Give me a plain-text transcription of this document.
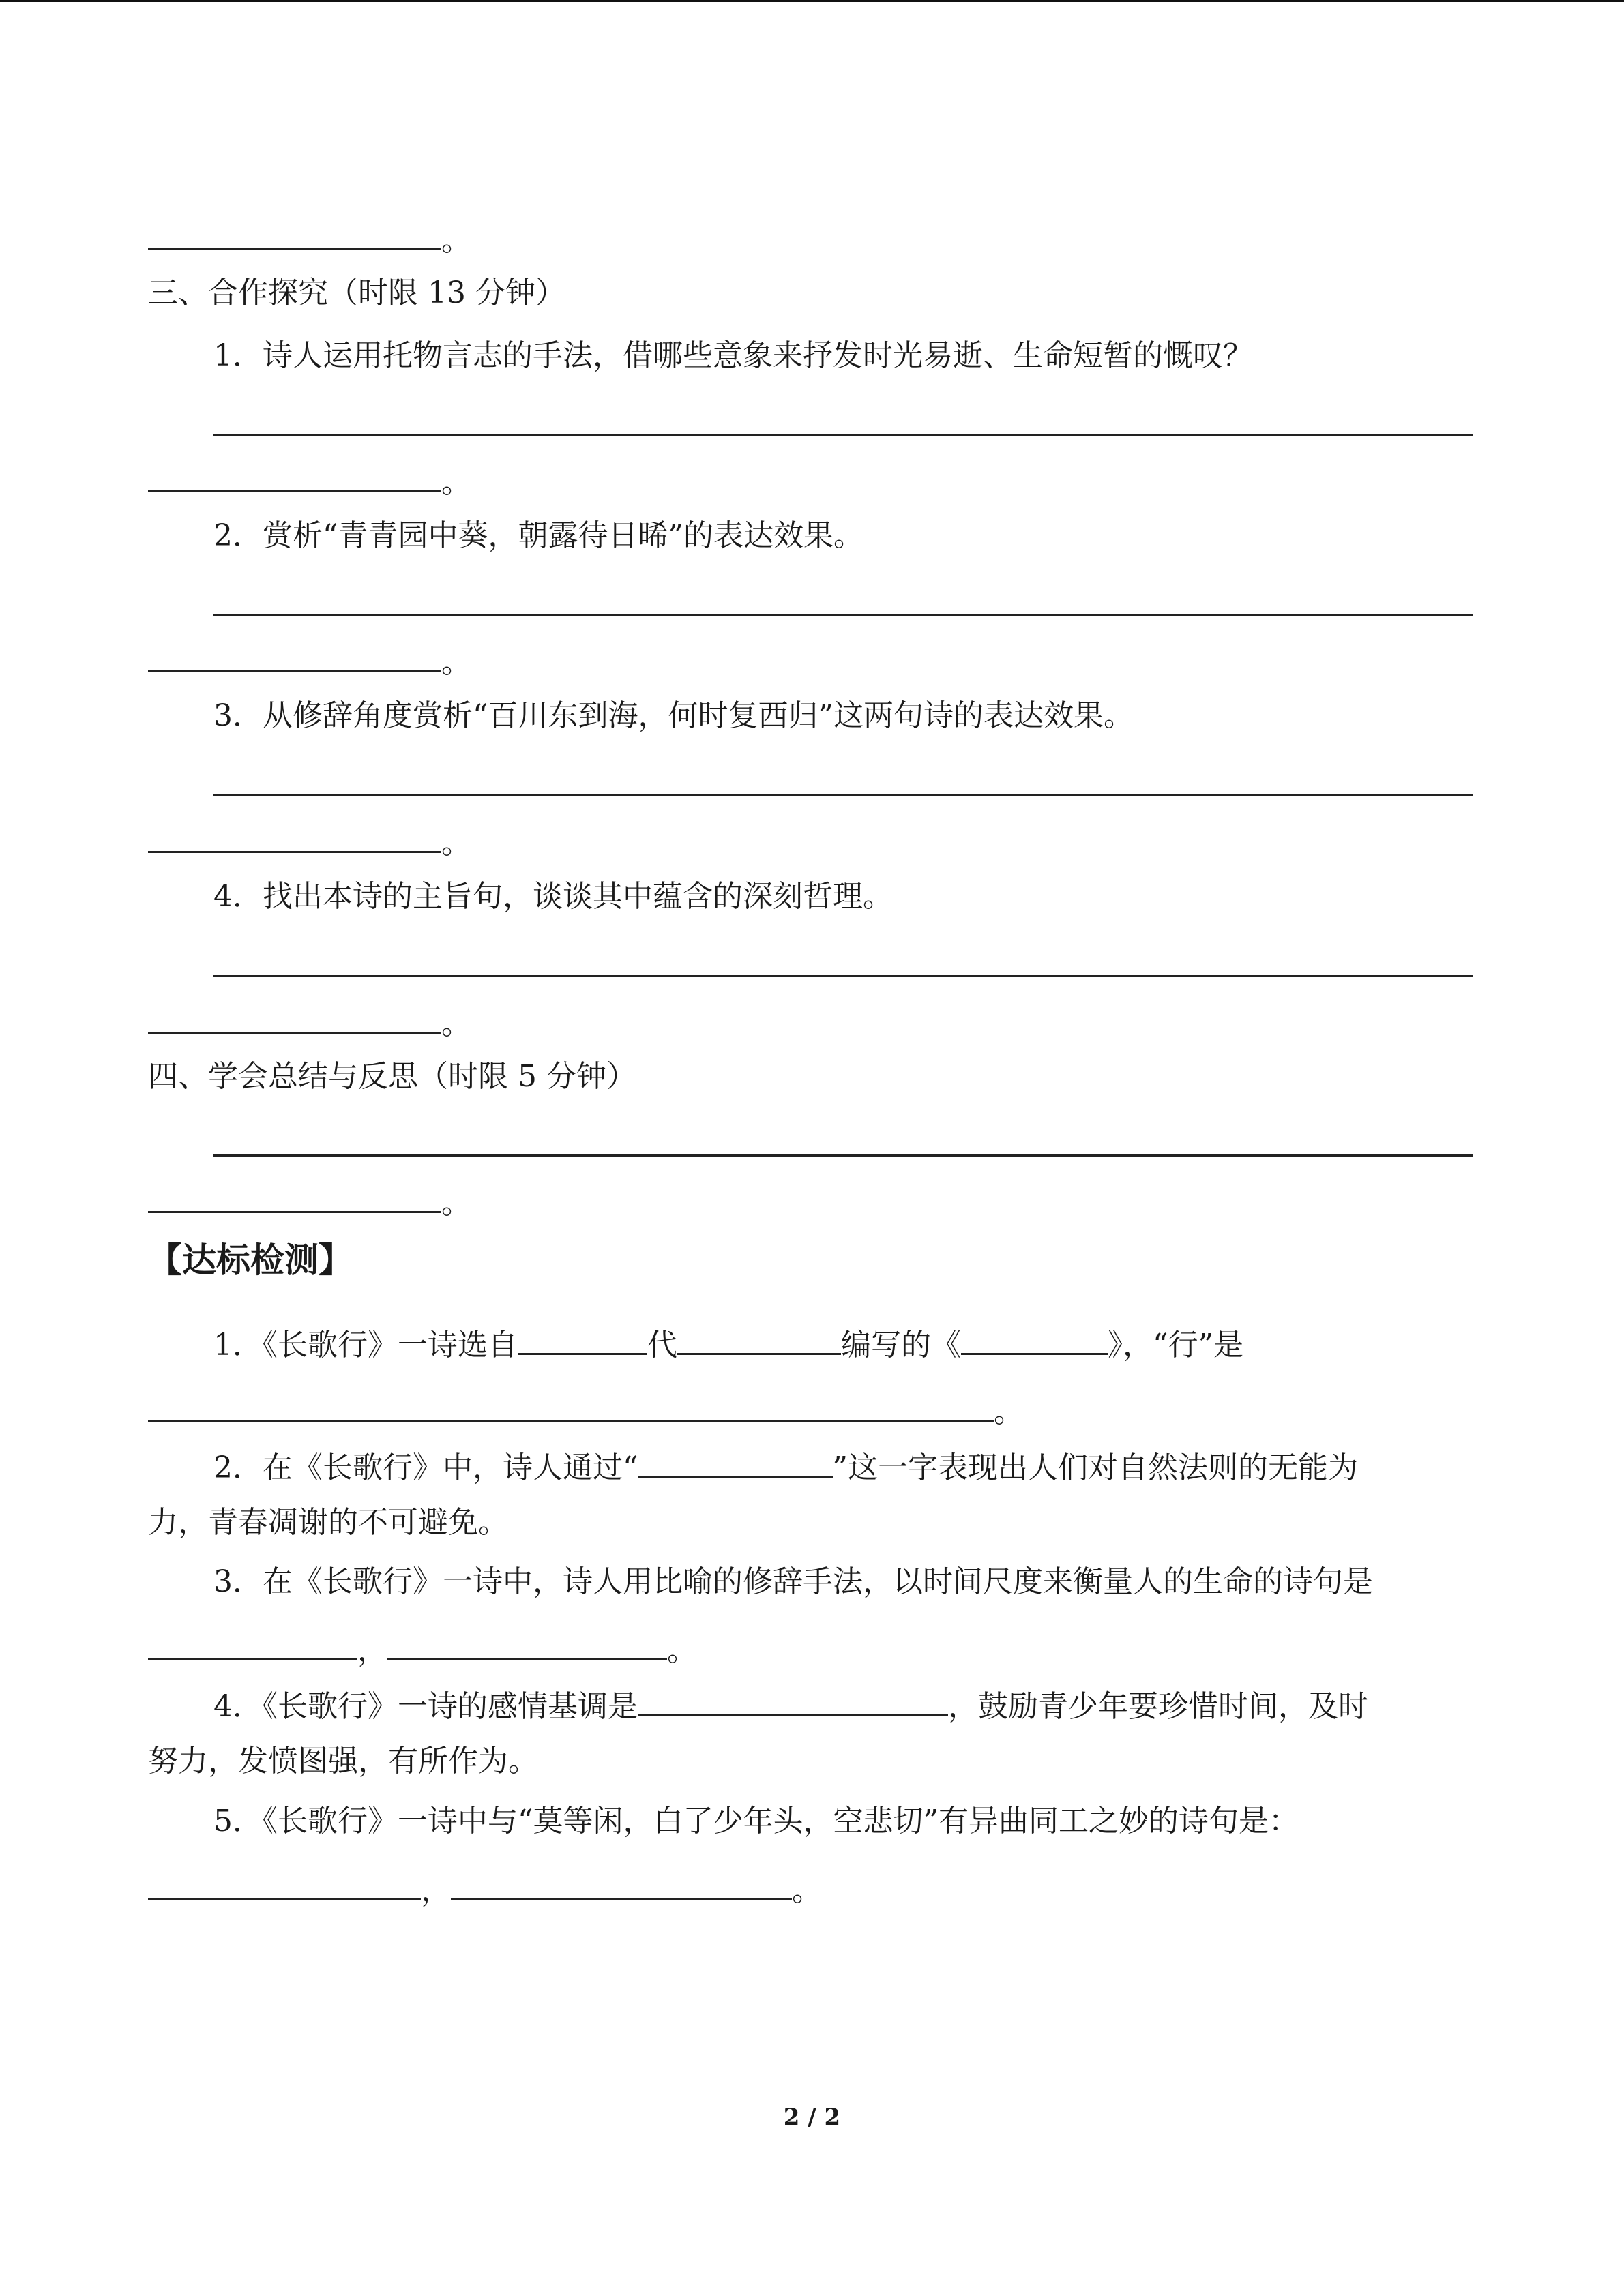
。
三、合作探究（时限 13 分钟）
1．诗人运用托物言志的手法，借哪些意象来抒发时光易逝、生命短暂的慨叹？
。
2．赏析“青青园中葵，朝露待日晞”的表达效果。
。
3．从修辞角度赏析“百川东到海，何时复西归”这两句诗的表达效果。
。
4．找出本诗的主旨句，谈谈其中蕴含的深刻哲理。
。
四、学会总结与反思（时限 5 分钟）
。
【达标检测】
1．《长歌行》一诗选自	代	编写的《	》，“行”是
。
2．在《长歌行》中，诗人通过“	”这一字表现出人们对自然法则的无能为
力，青春凋谢的不可避免。
3．在《长歌行》一诗中，诗人用比喻的修辞手法，以时间尺度来衡量人的生命的诗句是
，	。
4．《长歌行》一诗的感情基调是	，鼓励青少年要珍惜时间，及时
努力，发愤图强，有所作为。
5．《长歌行》一诗中与“莫等闲，白了少年头，空悲切”有异曲同工之妙的诗句是：
，	。
2 / 2
